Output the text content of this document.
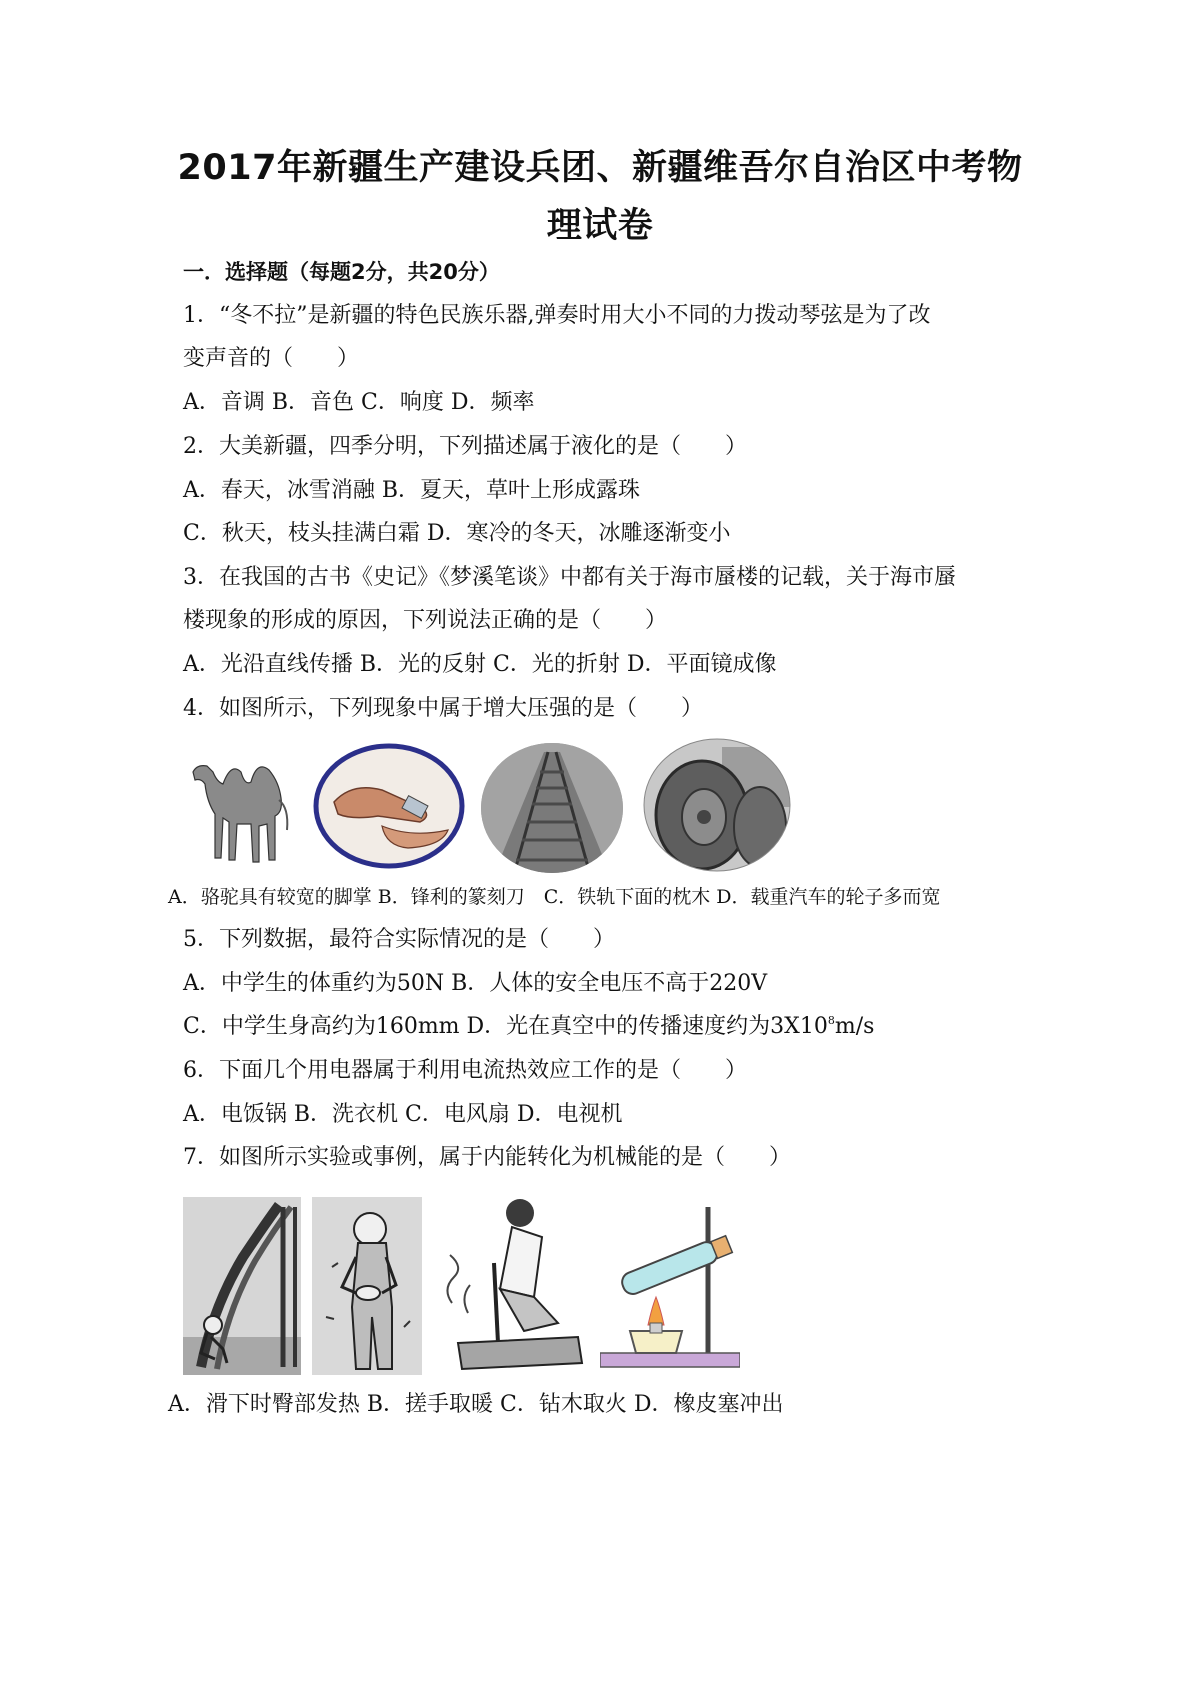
2017年新疆生产建设兵团、新疆维吾尔自治区中考物
理试卷
一．选择题（每题2分，共20分）
1．“冬不拉”是新疆的特色民族乐器,弹奏时用大小不同的力拨动琴弦是为了改
变声音的（　　）
A．音调 B．音色 C．响度 D．频率
2．大美新疆，四季分明，下列描述属于液化的是（　　）
A．春天，冰雪消融 B．夏天，草叶上形成露珠
C．秋天，枝头挂满白霜 D．寒冷的冬天，冰雕逐渐变小
3．在我国的古书《史记》《梦溪笔谈》中都有关于海市蜃楼的记载，关于海市蜃
楼现象的形成的原因，下列说法正确的是（　　）
A．光沿直线传播 B．光的反射 C．光的折射 D．平面镜成像
4．如图所示，下列现象中属于增大压强的是（　　）
A．骆驼具有较宽的脚掌 B．锋利的篆刻刀　C．铁轨下面的枕木 D．载重汽车的轮子多而宽
5．下列数据，最符合实际情况的是（　　）
A．中学生的体重约为50N B．人体的安全电压不高于220V
C．中学生身高约为160mm D．光在真空中的传播速度约为$3X10^8m/s$
6．下面几个用电器属于利用电流热效应工作的是（　　）
A．电饭锅 B．洗衣机 C．电风扇 D．电视机
7．如图所示实验或事例，属于内能转化为机械能的是（　　）
A．滑下时臀部发热 B．搓手取暖 C．钻木取火 D．橡皮塞冲出
